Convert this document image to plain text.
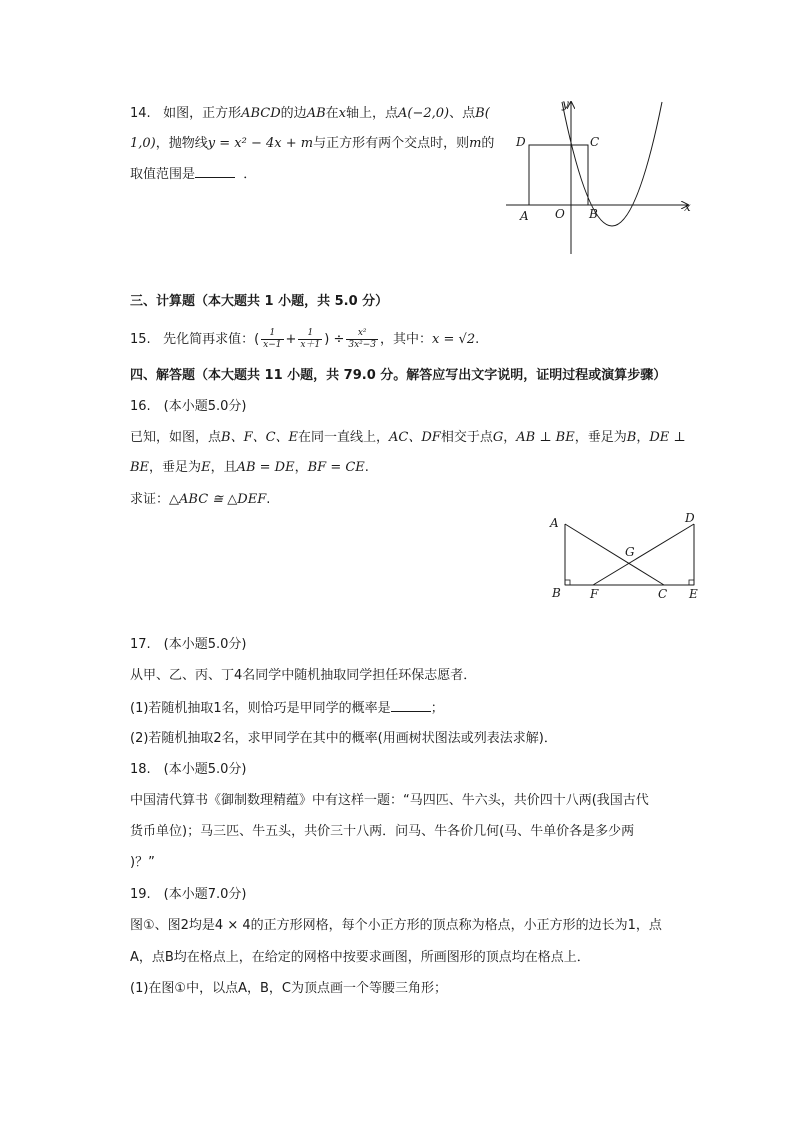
14. 如图，正方形ABCD的边AB在x轴上，点A(−2,0)、点B(
1,0)，抛物线y = x² − 4x + m与正方形有两个交点时，则m的
取值范围是	．
y
x
D	C
A O B
三、计算题（本大题共 1 小题，共 5.0 分）
15. 先化简再求值：( $\frac{1}{x-1} + \frac{1}{x+1}$ ) ÷ $\frac{\text{x²}}{\text{3x²−3}}$ ，其中：x = √2.
四、解答题（本大题共 11 小题，共 79.0 分。解答应写出文字说明，证明过程或演算步骤）
16.　(本小题5.0分)
已知，如图，点B、F、C、E在同一直线上，AC、DF相交于点G，AB ⊥ BE，垂足为B，DE ⊥
BE，垂足为E，且AB = DE，BF = CE.
求证：△ABC ≅ △DEF.
A	D
G
B F	C E
17.　(本小题5.0分)
从甲、乙、丙、丁4名同学中随机抽取同学担任环保志愿者．
(1)若随机抽取1名，则恰巧是甲同学的概率是	；
(2)若随机抽取2名，求甲同学在其中的概率(用画树状图法或列表法求解)．
18.　(本小题5.0分)
中国清代算书《御制数理精蕴》中有这样一题：“马四匹、牛六头，共价四十八两(我国古代
货币单位)；马三匹、牛五头，共价三十八两．问马、牛各价几何(马、牛单价各是多少两
)？”
19.　(本小题7.0分)
图①、图2均是4 × 4的正方形网格，每个小正方形的顶点称为格点，小正方形的边长为1，点
A，点B均在格点上，在给定的网格中按要求画图，所画图形的顶点均在格点上．
(1)在图①中，以点A，B，C为顶点画一个等腰三角形；
